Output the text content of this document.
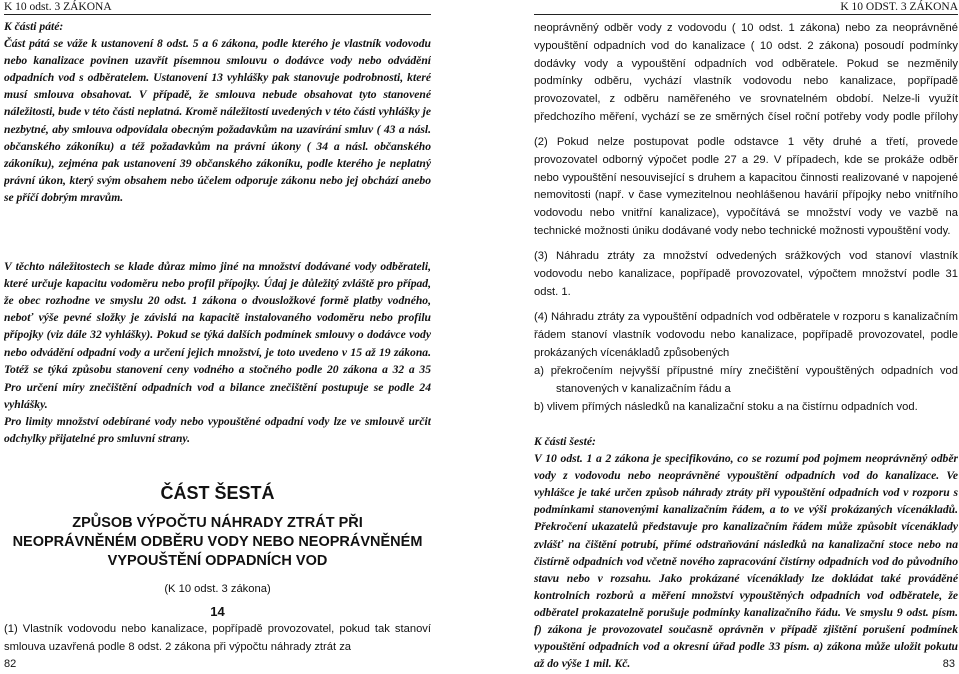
K 10 odst. 3 ZÁKONA

K části páté:

Část pátá se váže k ustanovení 8 odst. 5 a 6 zákona, podle kterého je vlastník vodovodu nebo kanalizace povinen uzavřít písemnou smlouvu o dodávce vody nebo odvádění odpadních vod s odběratelem. Ustanovení 13 vyhlášky pak stanovuje podrobnosti, které musí smlouva obsahovat. V případě, že smlouva nebude obsahovat tyto stanovené náležitosti, bude v této části neplatná. Kromě náležitostí uvedených v této části vyhlášky je nezbytné, aby smlouva odpovídala obecným požadavkům na uzavírání smluv ( 43 a násl. občanského zákoníku) a též požadavkům na právní úkony ( 34 a násl. občanského zákoníku), zejména pak ustanovení 39 občanského zákoníku, podle kterého je neplatný právní úkon, který svým obsahem nebo účelem odporuje zákonu nebo jej obchází anebo se příčí dobrým mravům.

V těchto náležitostech se klade důraz mimo jiné na množství dodávané vody odběrateli, které určuje kapacitu vodoměru nebo profil přípojky. Údaj je důležitý zvláště pro případ, že obec rozhodne ve smyslu 20 odst. 1 zákona o dvousložkové formě platby vodného, neboť výše pevné složky je závislá na kapacitě instalovaného vodoměru nebo profilu přípojky (viz dále 32 vyhlášky). Pokud se týká dalších podmínek smlouvy o dodávce vody nebo odvádění odpadní vody a určení jejich množství, je toto uvedeno v 15 až 19 zákona. Totéž se týká způsobu stanovení ceny vodného a stočného podle 20 zákona a 32 a 35

Pro určení míry znečištění odpadních vod a bilance znečištění postupuje se podle 24 vyhlášky.

Pro limity množství odebírané vody nebo vypouštěné odpadní vody lze ve smlouvě určit odchylky přijatelné pro smluvní strany.

ČÁST ŠESTÁ

ZPŮSOB VÝPOČTU NÁHRADY ZTRÁT PŘI NEOPRÁVNĚNÉM ODBĚRU VODY NEBO NEOPRÁVNĚNÉM VYPOUŠTĚNÍ ODPADNÍCH VOD

(K 10 odst. 3 zákona)

14

(1) Vlastník vodovodu nebo kanalizace, popřípadě provozovatel, pokud tak stanoví smlouva uzavřená podle 8 odst. 2 zákona při výpočtu náhrady ztrát za

82
K 10 ODST. 3 ZÁKONA

neoprávněný odběr vody z vodovodu ( 10 odst. 1 zákona) nebo za neoprávněné vypouštění odpadních vod do kanalizace ( 10 odst. 2 zákona) posoudí podmínky dodávky vody a vypouštění odpadních vod odběratele. Pokud se nezměnily podmínky odběru, vychází vlastník vodovodu nebo kanalizace, popřípadě provozovatel, z odběru naměřeného ve srovnatelném období. Nelze-li využít předchozího měření, vychází se ze směrných čísel roční potřeby vody podle přílohy

(2) Pokud nelze postupovat podle odstavce 1 věty druhé a třetí, provede provozovatel odborný výpočet podle 27 a 29. V případech, kde se prokáže odběr nebo vypouštění nesouvisející s druhem a kapacitou činnosti realizované v napojené nemovitosti (např. v čase vymezitelnou neohlášenou havárií přípojky nebo vnitřního vodovodu nebo vnitřní kanalizace), vypočítává se množství vody ve vazbě na technické možnosti úniku dodávané vody nebo technické možnosti vypouštění vody.

(3) Náhradu ztráty za množství odvedených srážkových vod stanoví vlastník vodovodu nebo kanalizace, popřípadě provozovatel, výpočtem množství podle 31 odst. 1.

(4) Náhradu ztráty za vypouštění odpadních vod odběratele v rozporu s kanalizačním řádem stanoví vlastník vodovodu nebo kanalizace, popřípadě provozovatel, podle prokázaných vícenákladů způsobených

a) překročením nejvyšší přípustné míry znečištění vypouštěných odpadních vod stanovených v kanalizačním řádu a

b) vlivem přímých následků na kanalizační stoku a na čistírnu odpadních vod.

K části šesté:

V 10 odst. 1 a 2 zákona je specifikováno, co se rozumí pod pojmem neoprávněný odběr vody z vodovodu nebo neoprávněné vypouštění odpadních vod do kanalizace. Ve vyhlášce je také určen způsob náhrady ztráty při vypouštění odpadních vod v rozporu s podmínkami stanovenými kanalizačním řádem, a to ve výši prokázaných vícenákladů. Překročení ukazatelů představuje pro kanalizačním řádem může způsobit vícenáklady zvlášť na čištění potrubí, přímé odstraňování následků na kanalizační stoce nebo na čistírně odpadních vod včetně nového zapracování čistírny odpadních vod do původního stavu nebo v rozsahu. Jako prokázané vícenáklady lze dokládat také prováděné kontrolních rozborů a měření množství vypouštěných odpadních vod odběratele, že odběratel prokazatelně porušuje podmínky kanalizačního řádu. Ve smyslu 9 odst. písm. f) zákona je provozovatel současně oprávněn v případě zjištění porušení podmínek vypouštění odpadních vod a okresní úřad podle 33 písm. a) zákona může uložit pokutu až do výše 1 mil. Kč.	83
